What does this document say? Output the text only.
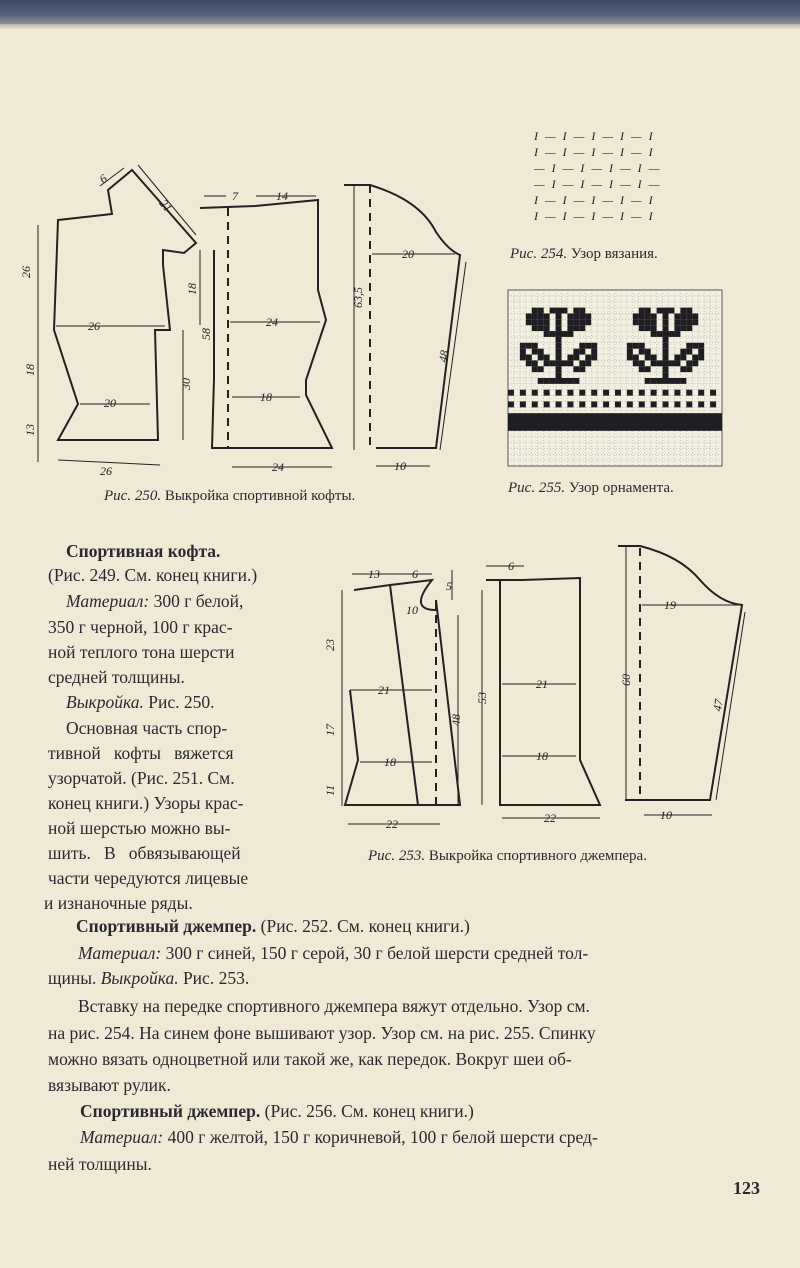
26
18
13
26
20
26
30
18
6
21
7	14
24
18
24
58
20
63,5
48
10
Рис. 250. Выкройка спортивной кофты.
I — I — I — I — I
I — I — I — I — I
— I — I — I — I —
— I — I — I — I —
I — I — I — I — I
I — I — I — I — I
Рис. 254. Узор вязания.
Рис. 255. Узор орнамента.
13	6
5
10
21
18
22
23
17
11
48
6
21
18
22
53
19
60
47
10
Рис. 253. Выкройка спортивного джемпера.
Спортивная кофта.
(Рис. 249. См. конец книги.)
Материал: 300 г белой,
350 г черной, 100 г крас-
ной теплого тона шерсти
средней толщины.
Выкройка. Рис. 250.
Основная часть спор-
тивной   кофты   вяжется
узорчатой. (Рис. 251. См.
конец книги.) Узоры крас-
ной шерстью можно вы-
шить.   В   обвязывающей
части чередуются лицевые
и изнаночные ряды.
Спортивный джемпер. (Рис. 252. См. конец книги.)
Материал: 300 г синей, 150 г серой, 30 г белой шерсти средней тол-
щины. Выкройка. Рис. 253.
Вставку на передке спортивного джемпера вяжут отдельно. Узор см.
на рис. 254. На синем фоне вышивают узор. Узор см. на рис. 255. Спинку
можно вязать одноцветной или такой же, как передок. Вокруг шеи об-
вязывают рулик.
Спортивный джемпер. (Рис. 256. См. конец книги.)
Материал: 400 г желтой, 150 г коричневой, 100 г белой шерсти сред-
ней толщины.
123
